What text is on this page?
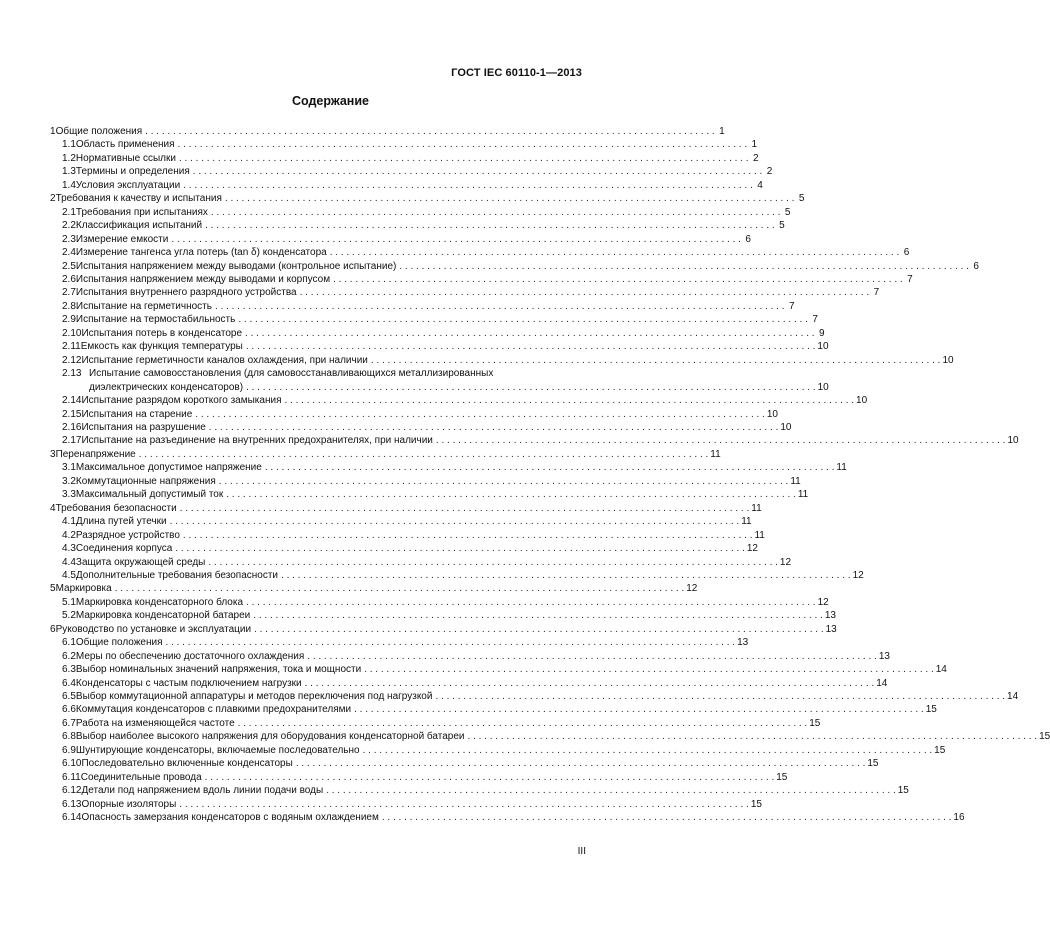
ГОСТ IEC 60110-1—2013
Содержание
1 Общие положения . . .	1
1.1 Область применения . . .	1
1.2 Нормативные ссылки . . .	2
1.3 Термины и определения . . .	2
1.4 Условия эксплуатации . . .	4
2 Требования к качеству и испытания . . .	5
2.1 Требования при испытаниях . . .	5
2.2 Классификация испытаний . . .	5
2.3 Измерение емкости . . .	6
2.4 Измерение тангенса угла потерь (tan δ) конденсатора . . .	6
2.5 Испытания напряжением между выводами (контрольное испытание) . . .	6
2.6 Испытания напряжением между выводами и корпусом . . .	7
2.7 Испытания внутреннего разрядного устройства . . .	7
2.8 Испытание на герметичность . . .	7
2.9 Испытание на термостабильность . . .	7
2.10 Испытания потерь в конденсаторе . . .	9
2.11 Емкость как функция температуры . . .	10
2.12 Испытание герметичности каналов охлаждения, при наличии . . .	10
2.13 Испытание самовосстановления (для самовосстанавливающихся металлизированных
диэлектрических конденсаторов) . . .	10
2.14 Испытание разрядом короткого замыкания . . .	10
2.15 Испытания на старение . . .	10
2.16 Испытания на разрушение . . .	10
2.17 Испытание на разъединение на внутренних предохранителях, при наличии . . .	10
3 Перенапряжение . . .	11
3.1 Максимальное допустимое напряжение . . .	11
3.2 Коммутационные напряжения . . .	11
3.3 Максимальный допустимый ток . . .	11
4 Требования безопасности . . .	11
4.1 Длина путей утечки . . .	11
4.2 Разрядное устройство . . .	11
4.3 Соединения корпуса . . .	12
4.4 Защита окружающей среды . . .	12
4.5 Дополнительные требования безопасности . . .	12
5 Маркировка . . .	12
5.1 Маркировка конденсаторного блока . . .	12
5.2 Маркировка конденсаторной батареи . . .	13
6 Руководство по установке и эксплуатации . . .	13
6.1 Общие положения . . .	13
6.2 Меры по обеспечению достаточного охлаждения . . .	13
6.3 Выбор номинальных значений напряжения, тока и мощности . . .	14
6.4 Конденсаторы с частым подключением нагрузки . . .	14
6.5 Выбор коммутационной аппаратуры и методов переключения под нагрузкой . . .	14
6.6 Коммутация конденсаторов с плавкими предохранителями . . .	15
6.7 Работа на изменяющейся частоте . . .	15
6.8 Выбор наиболее высокого напряжения для оборудования конденсаторной батареи . . .	15
6.9 Шунтирующие конденсаторы, включаемые последовательно . . .	15
6.10 Последовательно включенные конденсаторы . . .	15
6.11 Соединительные провода . . .	15
6.12 Детали под напряжением вдоль линии подачи воды . . .	15
6.13 Опорные изоляторы . . .	15
6.14 Опасность замерзания конденсаторов с водяным охлаждением . . .	16
III
